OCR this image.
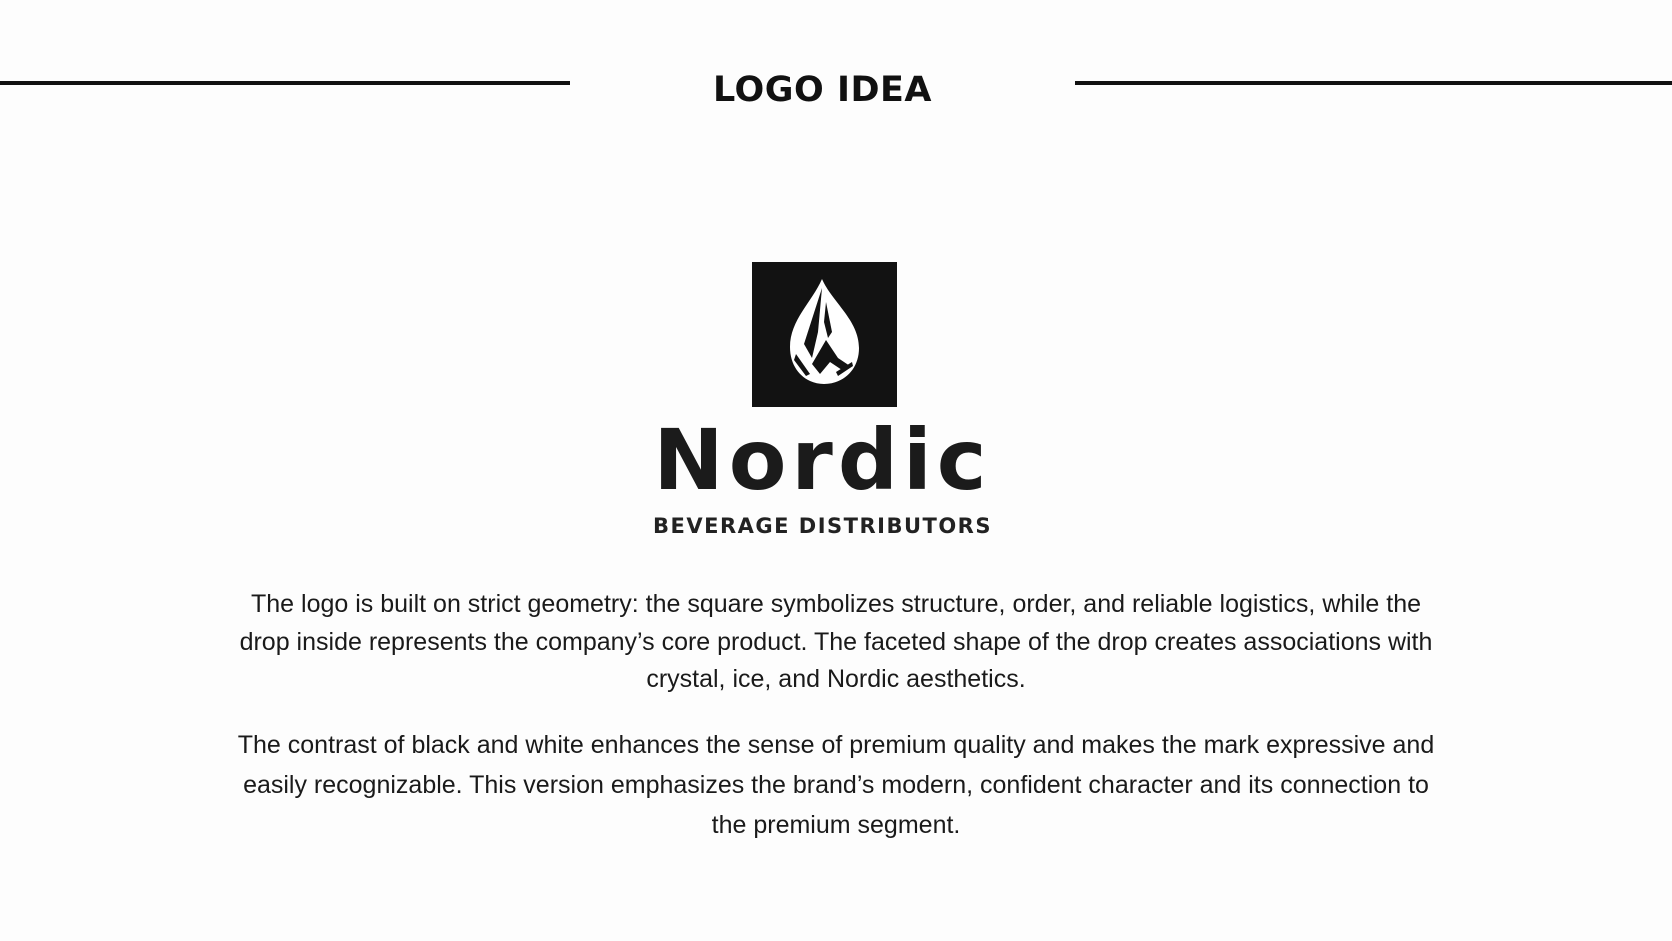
LOGO IDEA
Nordic
BEVERAGE DISTRIBUTORS
The logo is built on strict geometry: the square symbolizes structure, order, and reliable logistics, while the drop inside represents the company’s core product. The faceted shape of the drop creates associations with crystal, ice, and Nordic aesthetics.
The contrast of black and white enhances the sense of premium quality and makes the mark expressive and easily recognizable. This version emphasizes the brand’s modern, confident character and its connection to the premium segment.
